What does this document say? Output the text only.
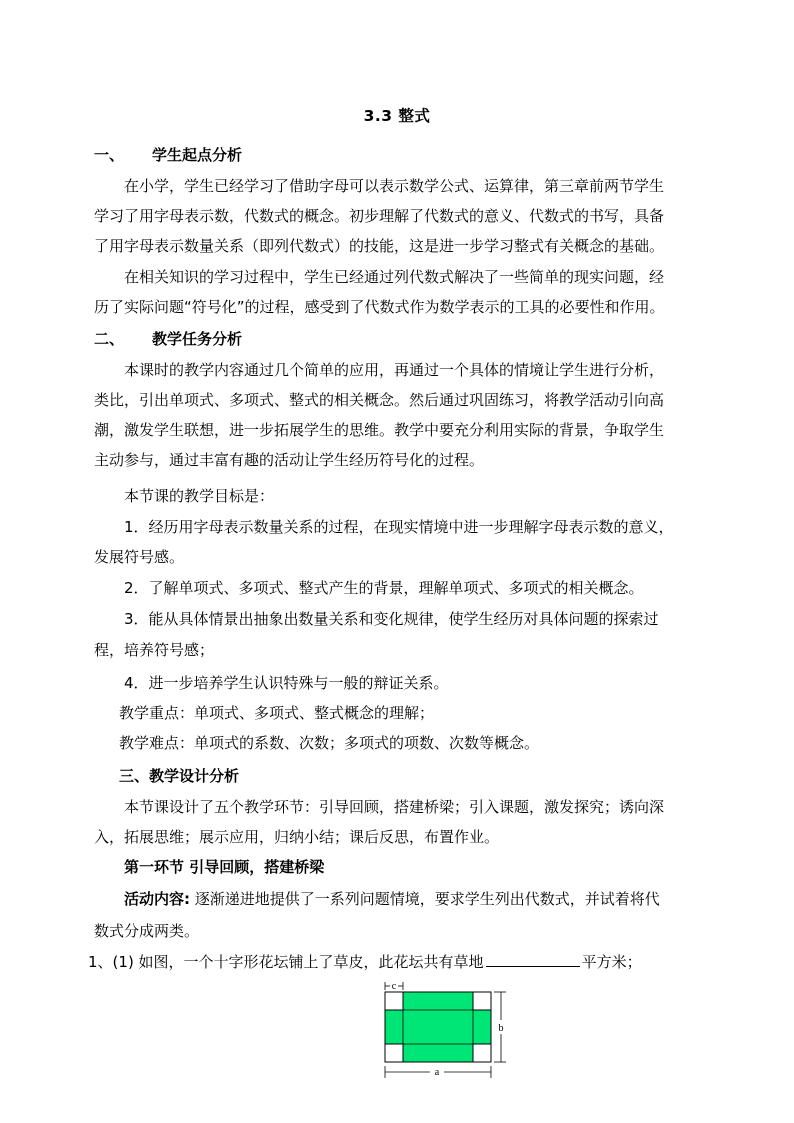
3.3 整式
一、 学生起点分析
在小学，学生已经学习了借助字母可以表示数学公式、运算律，第三章前两节学生
学习了用字母表示数，代数式的概念。初步理解了代数式的意义、代数式的书写，具备
了用字母表示数量关系（即列代数式）的技能，这是进一步学习整式有关概念的基础。
在相关知识的学习过程中，学生已经通过列代数式解决了一些简单的现实问题，经
历了实际问题“符号化”的过程，感受到了代数式作为数学表示的工具的必要性和作用。
二、 教学任务分析
本课时的教学内容通过几个简单的应用，再通过一个具体的情境让学生进行分析，
类比，引出单项式、多项式、整式的相关概念。然后通过巩固练习，将教学活动引向高
潮，激发学生联想，进一步拓展学生的思维。教学中要充分利用实际的背景，争取学生
主动参与，通过丰富有趣的活动让学生经历符号化的过程。
本节课的教学目标是：
1．经历用字母表示数量关系的过程，在现实情境中进一步理解字母表示数的意义，
发展符号感。
2．了解单项式、多项式、整式产生的背景，理解单项式、多项式的相关概念。
3．能从具体情景出抽象出数量关系和变化规律，使学生经历对具体问题的探索过
程，培养符号感；
4．进一步培养学生认识特殊与一般的辩证关系。
教学重点：单项式、多项式、整式概念的理解；
教学难点：单项式的系数、次数；多项式的项数、次数等概念。
三、教学设计分析
本节课设计了五个教学环节：引导回顾，搭建桥梁；引入课题，激发探究；诱向深
入，拓展思维；展示应用，归纳小结；课后反思，布置作业。
第一环节 引导回顾，搭建桥梁
活动内容: 逐渐递进地提供了一系列问题情境，要求学生列出代数式，并试着将代
数式分成两类。
1、(1) 如图，一个十字形花坛铺上了草皮，此花坛共有草地	平方米；
c
b
a
